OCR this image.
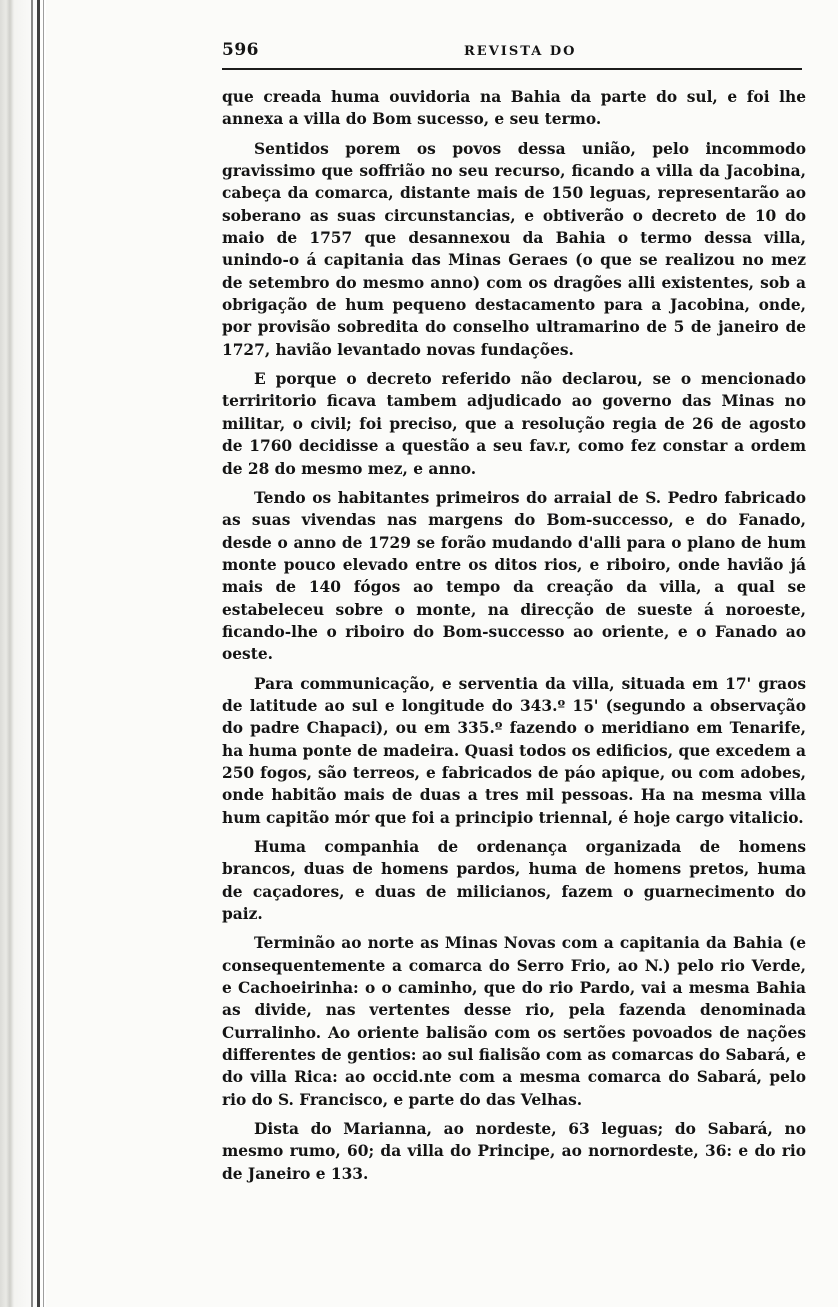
596	REVISTA DO

que creada huma ouvidoria na Bahia da parte do sul, e foi lhe annexa a villa do Bom sucesso, e seu termo.

Sentidos porem os povos dessa união, pelo incommodo gravissimo que soffrião no seu recurso, ficando a villa da Jacobina, cabeça da comarca, distante mais de 150 leguas, representarão ao soberano as suas circunstancias, e obtiverão o decreto de 10 do maio de 1757 que desannexou da Bahia o termo dessa villa, unindo-o á capitania das Minas Geraes (o que se realizou no mez de setembro do mesmo anno) com os dragões alli existentes, sob a obrigação de hum pequeno destacamento para a Jacobina, onde, por provisão sobredita do conselho ultramarino de 5 de janeiro de 1727, havião levantado novas fundações.

E porque o decreto referido não declarou, se o mencionado terriritorio ficava tambem adjudicado ao governo das Minas no militar, o civil; foi preciso, que a resolução regia de 26 de agosto de 1760 decidisse a questão a seu fav.r, como fez constar a ordem de 28 do mesmo mez, e anno.

Tendo os habitantes primeiros do arraial de S. Pedro fabricado as suas vivendas nas margens do Bom-successo, e do Fanado, desde o anno de 1729 se forão mudando d'alli para o plano de hum monte pouco elevado entre os ditos rios, e riboiro, onde havião já mais de 140 fógos ao tempo da creação da villa, a qual se estabeleceu sobre o monte, na direcção de sueste á noroeste, ficando-lhe o riboiro do Bom-successo ao oriente, e o Fanado ao oeste.

Para communicação, e serventia da villa, situada em 17' graos de latitude ao sul e longitude do 343.º 15' (segundo a observação do padre Chapaci), ou em 335.º fazendo o meridiano em Tenarife, ha huma ponte de madeira. Quasi todos os edificios, que excedem a 250 fogos, são terreos, e fabricados de páo apique, ou com adobes, onde habitão mais de duas a tres mil pessoas. Ha na mesma villa hum capitão mór que foi a principio triennal, é hoje cargo vitalicio.

Huma companhia de ordenança organizada de homens brancos, duas de homens pardos, huma de homens pretos, huma de caçadores, e duas de milicianos, fazem o guarnecimento do paiz.

Terminão ao norte as Minas Novas com a capitania da Bahia (e consequentemente a comarca do Serro Frio, ao N.) pelo rio Verde, e Cachoeirinha: o o caminho, que do rio Pardo, vai a mesma Bahia as divide, nas vertentes desse rio, pela fazenda denominada Curralinho. Ao oriente balisão com os sertões povoados de nações differentes de gentios: ao sul fialisão com as comarcas do Sabará, e do villa Rica: ao occid.nte com a mesma comarca do Sabará, pelo rio do S. Francisco, e parte do das Velhas.

Dista do Marianna, ao nordeste, 63 leguas; do Sabará, no mesmo rumo, 60; da villa do Principe, ao nornordeste, 36: e do rio de Janeiro e 133.
